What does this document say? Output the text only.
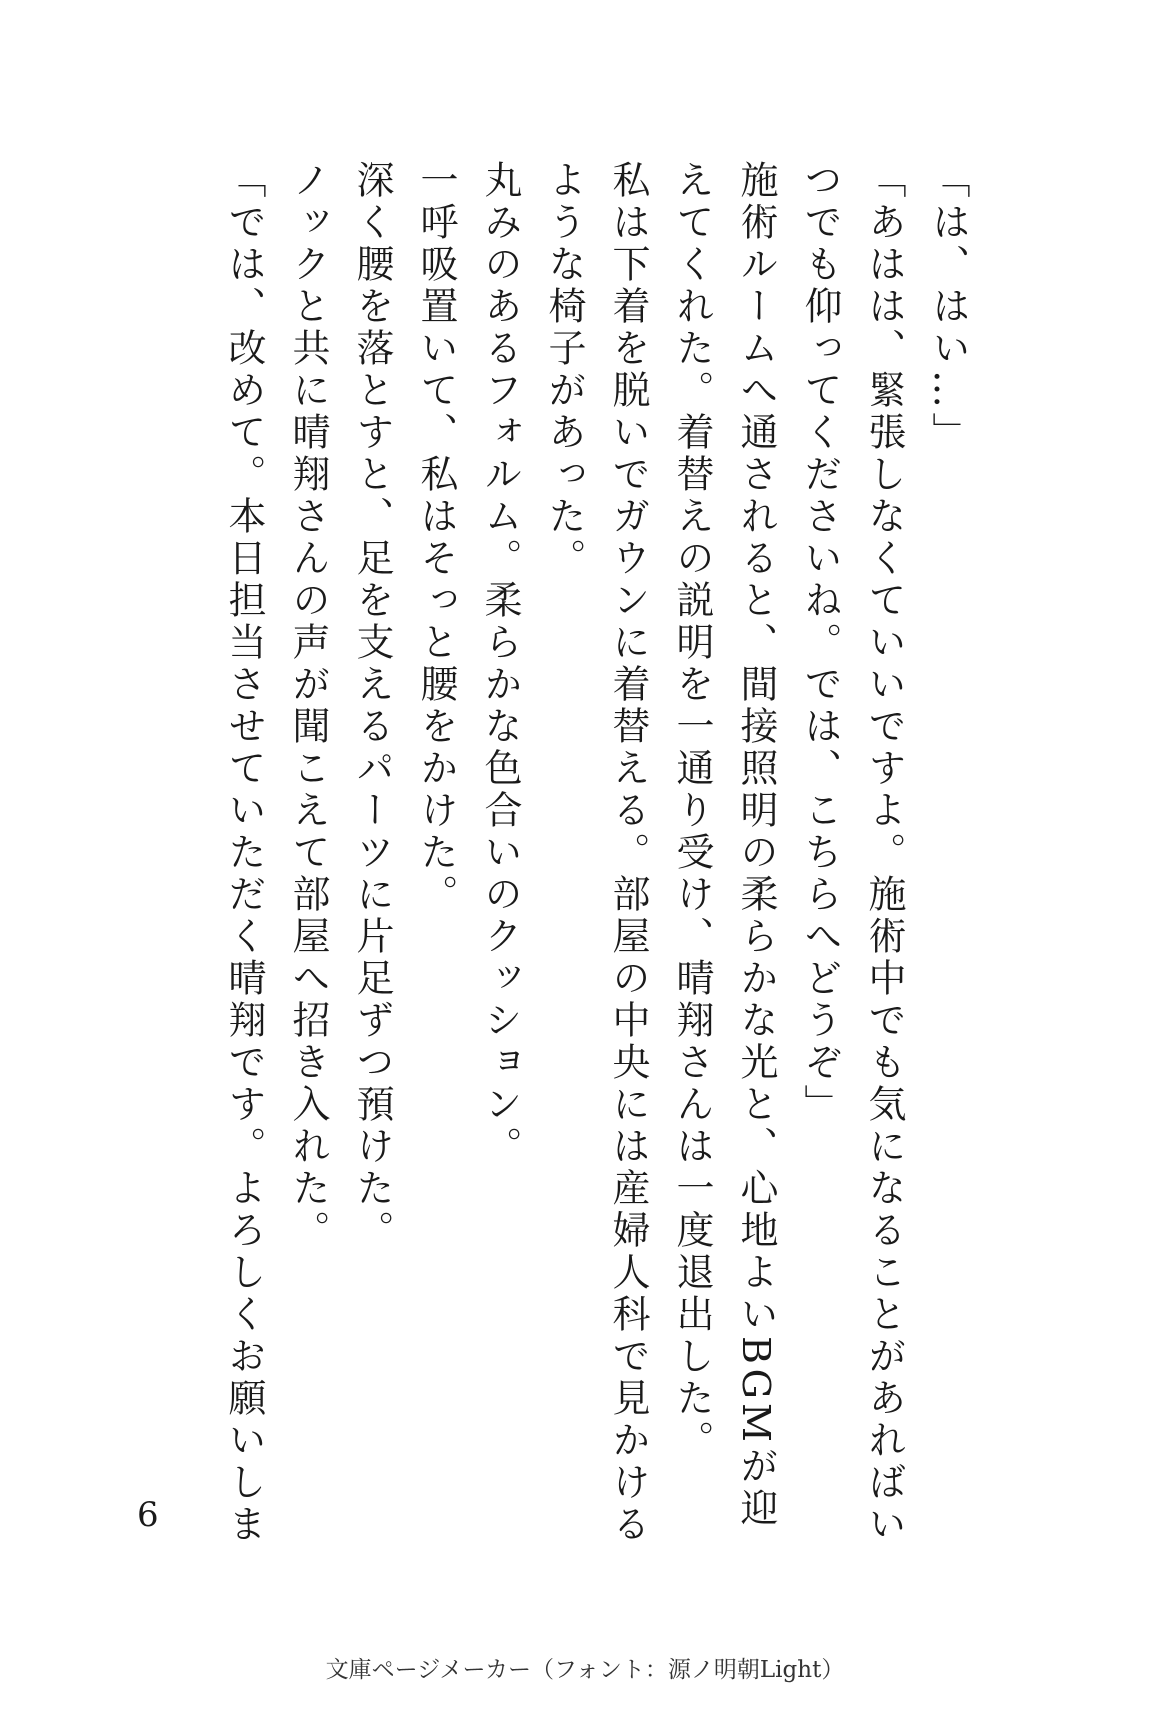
「は、はい…」
「あはは、緊張しなくていいですよ。施術中でも気になることがあればい
つでも仰ってくださいね。では、こちらへどうぞ」
施術ルームへ通されると、間接照明の柔らかな光と、心地よいBGMが迎
えてくれた。着替えの説明を一通り受け、晴翔さんは一度退出した。
私は下着を脱いでガウンに着替える。部屋の中央には産婦人科で見かける
ような椅子があった。
丸みのあるフォルム。柔らかな色合いのクッション。
一呼吸置いて、私はそっと腰をかけた。
深く腰を落とすと、足を支えるパーツに片足ずつ預けた。
ノックと共に晴翔さんの声が聞こえて部屋へ招き入れた。
「では、改めて。本日担当させていただく晴翔です。よろしくお願いしま
6
文庫ページメーカー（フォント：源ノ明朝Light）
